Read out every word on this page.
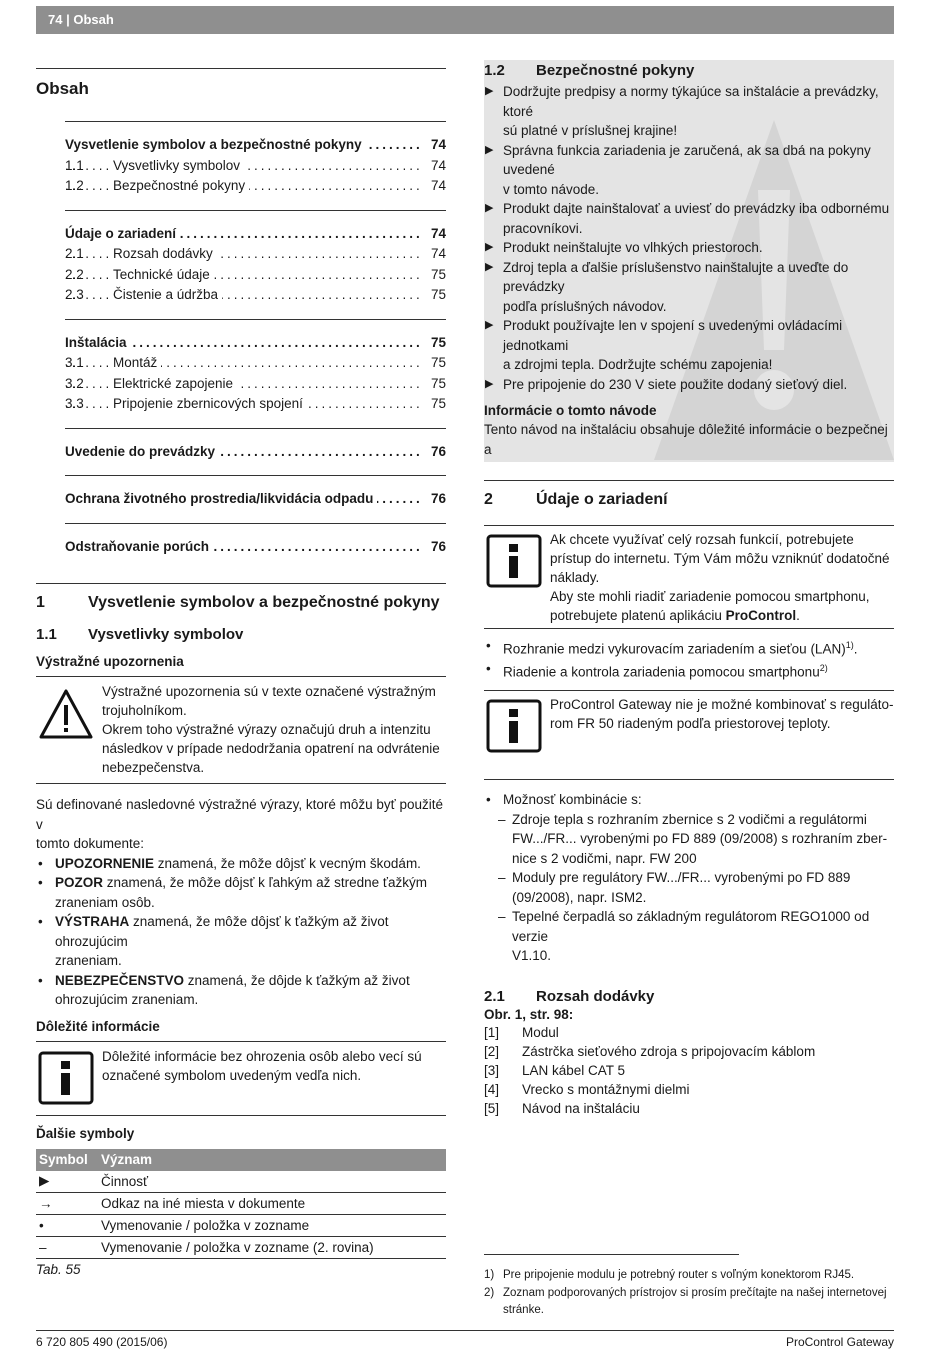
74 | Obsah
Obsah
.....
Vysvetlenie symbolov a bezpečnostné pokyny	74
1.1 .....	Vysvetlivky symbolov	74
1.2 .....	Bezpečnostné pokyny	74
.....
Údaje o zariadení	74
2.1 .....	Rozsah dodávky	74
2.2 .....	Technické údaje	75
2.3 .....	Čistenie a údržba	75
.....
Inštalácia	75
3.1 .....	Montáž	75
3.2 .....	Elektrické zapojenie	75
3.3 .....	Pripojenie zbernicových spojení	75
.....
Uvedenie do prevádzky	76
.....
Ochrana životného prostredia/likvidácia odpadu	76
.....
Odstraňovanie porúch	76
1	Vysvetlenie symbolov a bezpečnostné pokyny
1.1	Vysvetlivky symbolov
Výstražné upozornenia
Výstražné upozornenia sú v texte označené výstražným
trojuholníkom.
Okrem toho výstražné výrazy označujú druh a intenzitu
následkov v prípade nedodržania opatrení na odvrátenie
nebezpečenstva.
Sú definované nasledovné výstražné výrazy, ktoré môžu byť použité v
tomto dokumente:
• UPOZORNENIE znamená, že môže dôjsť k vecným škodám.
• POZOR znamená, že môže dôjsť k ľahkým až stredne ťažkým
zraneniam osôb.
• VÝSTRAHA znamená, že môže dôjsť k ťažkým až život ohrozujúcim
zraneniam.
• NEBEZPEČENSTVO znamená, že dôjde k ťažkým až život
ohrozujúcim zraneniam.
Dôležité informácie
Dôležité informácie bez ohrozenia osôb alebo vecí sú
označené symbolom uvedeným vedľa nich.
Ďalšie symboly
Symbol	Význam
▶	Činnosť
→	Odkaz na iné miesta v dokumente
•	Vymenovanie / položka v zozname
–	Vymenovanie / položka v zozname (2. rovina)
Tab. 55
1.2	Bezpečnostné pokyny
▶ Dodržujte predpisy a normy týkajúce sa inštalácie a prevádzky, ktoré
sú platné v príslušnej krajine!
▶ Správna funkcia zariadenia je zaručená, ak sa dbá na pokyny uvedené
v tomto návode.
▶ Produkt dajte nainštalovať a uviesť do prevádzky iba odbornému
pracovníkovi.
▶ Produkt neinštalujte vo vlhkých priestoroch.
▶ Zdroj tepla a ďalšie príslušenstvo nainštalujte a uveďte do prevádzky
podľa príslušných návodov.
▶ Produkt používajte len v spojení s uvedenými ovládacími jednotkami
a zdrojmi tepla. Dodržujte schému zapojenia!
▶ Pre pripojenie do 230 V siete použite dodaný sieťový diel.
Informácie o tomto návode
Tento návod na inštaláciu obsahuje dôležité informácie o bezpečnej a
2	Údaje o zariadení
Ak chcete využívať celý rozsah funkcií, potrebujete
prístup do internetu. Tým Vám môžu vzniknúť dodatočné
náklady.
Aby ste mohli riadiť zariadenie pomocou smartphonu,
potrebujete platenú aplikáciu ProControl.
• Rozhranie medzi vykurovacím zariadením a sieťou (LAN)$^{1)}$.
• Riadenie a kontrola zariadenia pomocou smartphonu$^{2)}$
ProControl Gateway nie je možné kombinovať s reguláto-
rom FR 50 riadeným podľa priestorovej teploty.
• Možnosť kombinácie s:
– Zdroje tepla s rozhraním zbernice s 2 vodičmi a regulátormi
FW.../FR... vyrobenými po FD 889 (09/2008) s rozhraním zber-
nice s 2 vodičmi, napr. FW 200
– Moduly pre regulátory FW.../FR... vyrobenými po FD 889
(09/2008), napr. ISM2.
– Tepelné čerpadlá so základným regulátorom REGO1000 od verzie
V1.10.
2.1	Rozsah dodávky
Obr. 1, str. 98:
[1]	Modul
[2]	Zástrčka sieťového zdroja s pripojovacím káblom
[3]	LAN kábel CAT 5
[4]	Vrecko s montážnymi dielmi
[5]	Návod na inštaláciu
1) Pre pripojenie modulu je potrebný router s voľným konektorom RJ45.
2) Zoznam podporovaných prístrojov si prosím prečítajte na našej internetovej
stránke.
6 720 805 490 (2015/06)	ProControl Gateway
